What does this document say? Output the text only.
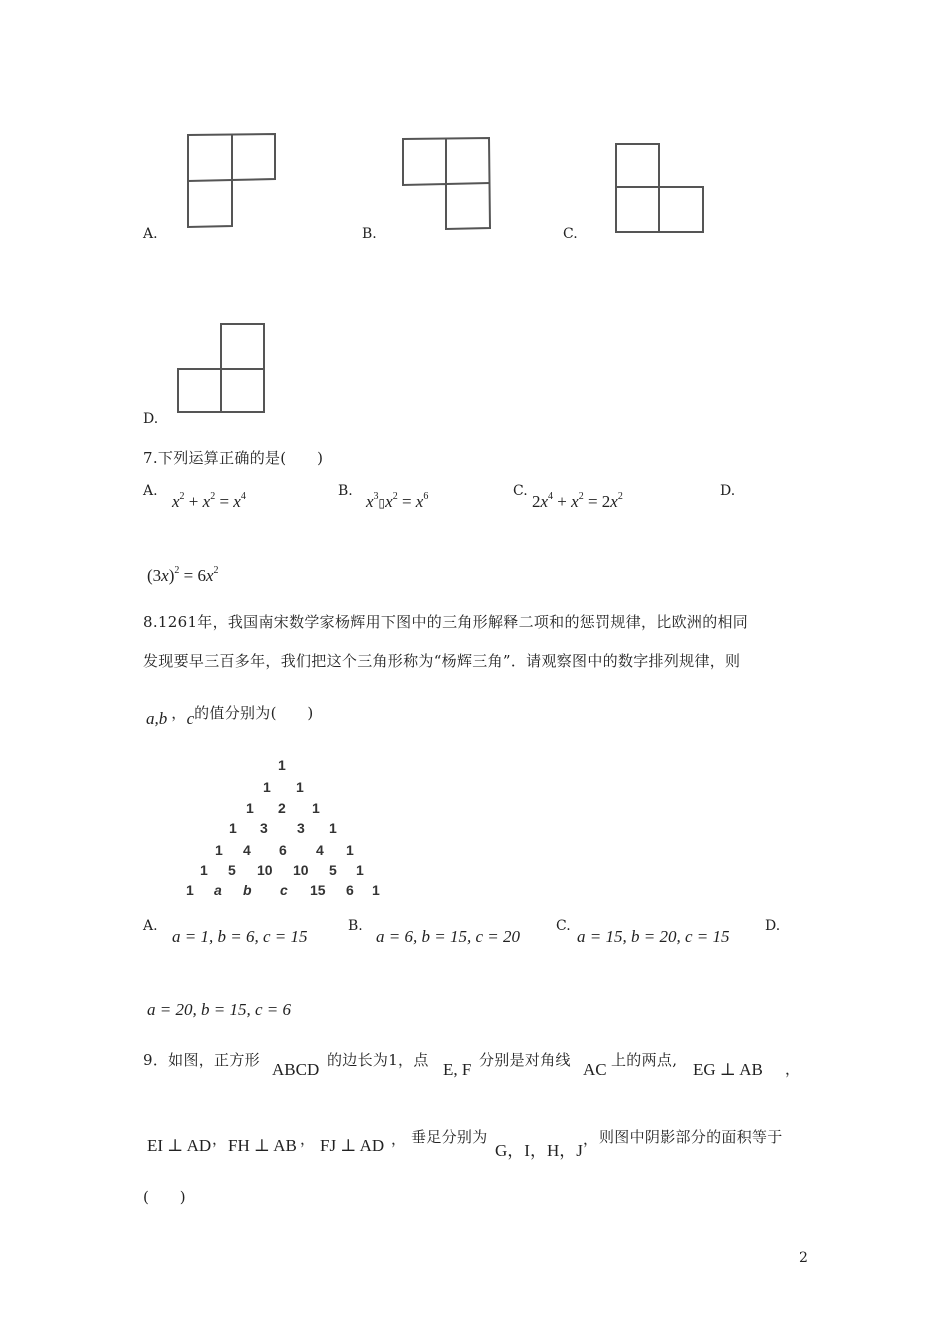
A.	B.	C.
D.
7.下列运算正确的是(　　)
A.
$x^2 + x^2 = x^4$	B.
$x^3▯x^2 = x^6$	C.
$2x^4 + x^2 = 2x^2$	D.
$(3x)^2 = 6x^2$
8.1261年，我国南宋数学家杨辉用下图中的三角形解释二项和的惩罚规律，比欧洲的相同
发现要早三百多年，我们把这个三角形称为“杨辉三角”．请观察图中的数字排列规律，则
a,b ，c的值分别为(　　)
1
1 1
1 2 1
1 3 3 1
1 4 6 4 1
1 5 10 10 5 1
1 a b c 15 6 1
A.
a = 1, b = 6, c = 15
B.
a = 6, b = 15, c = 20
C.
a = 15, b = 20, c = 15
D.
a = 20, b = 15, c = 6
9．如图，正方形 ABCD 的边长为1，点 E, F 分别是对角线 AC 上的两点, EG ⊥ AB ，
EI ⊥ AD ， FH ⊥ AB ， FJ ⊥ AD ， 垂足分别为
G，I，H，J
， 则图中阴影部分的面积等于
(　　)
2
